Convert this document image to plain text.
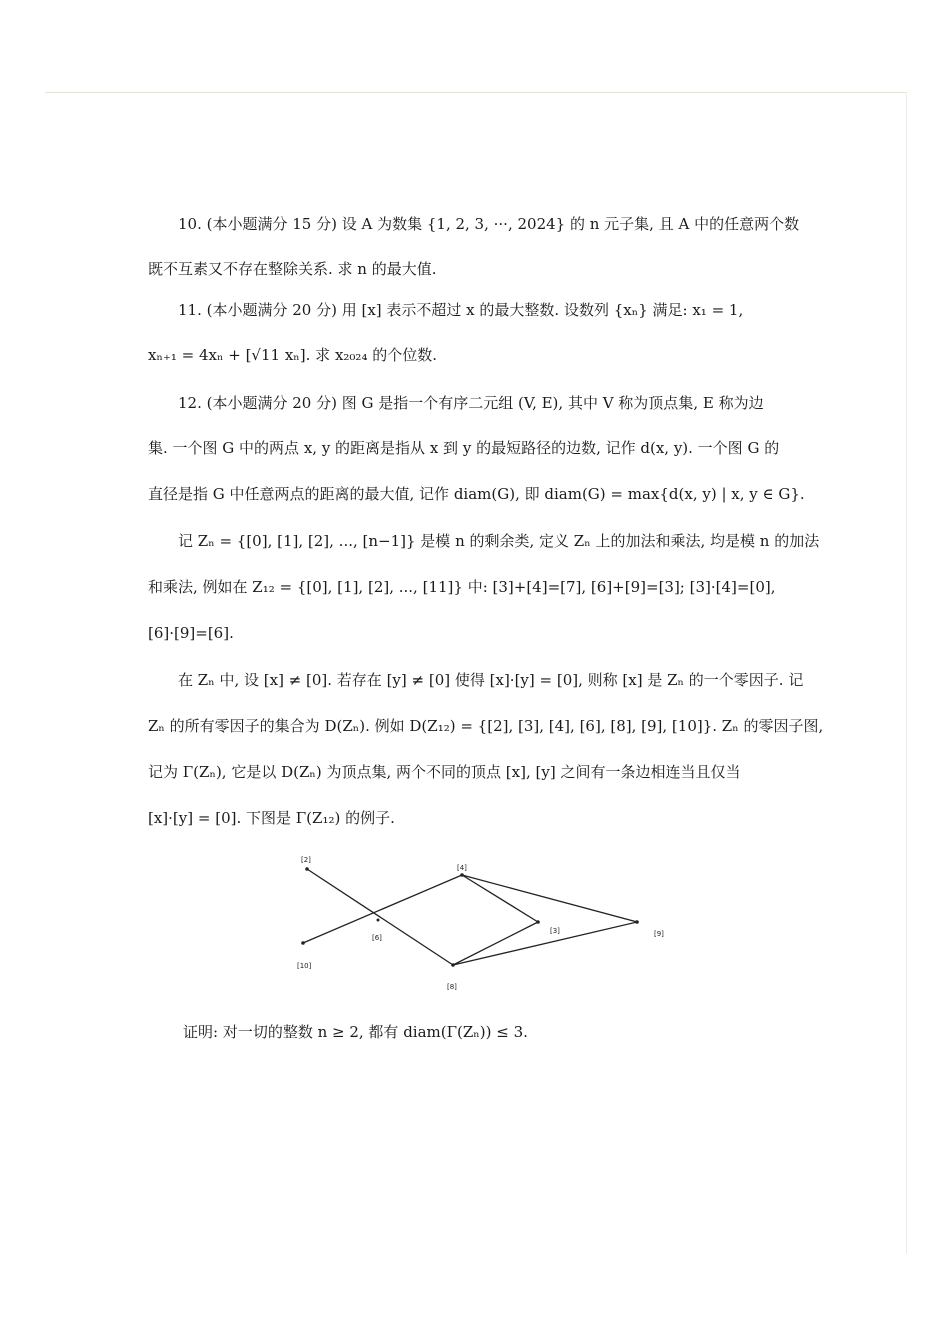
10. (本小题满分 15 分) 设 A 为数集 {1, 2, 3, ···, 2024} 的 n 元子集, 且 A 中的任意两个数
既不互素又不存在整除关系. 求 n 的最大值.
11. (本小题满分 20 分) 用 [x] 表示不超过 x 的最大整数. 设数列 {xₙ} 满足: x₁ = 1,
xₙ₊₁ = 4xₙ + [√11 xₙ]. 求 x₂₀₂₄ 的个位数.
12. (本小题满分 20 分) 图 G 是指一个有序二元组 (V, E), 其中 V 称为顶点集, E 称为边
集. 一个图 G 中的两点 x, y 的距离是指从 x 到 y 的最短路径的边数, 记作 d(x, y). 一个图 G 的
直径是指 G 中任意两点的距离的最大值, 记作 diam(G), 即 diam(G) = max{d(x, y) | x, y ∈ G}.
记 Zₙ = {[0], [1], [2], ..., [n−1]} 是模 n 的剩余类, 定义 Zₙ 上的加法和乘法, 均是模 n 的加法
和乘法, 例如在 Z₁₂ = {[0], [1], [2], ..., [11]} 中: [3]+[4]=[7], [6]+[9]=[3]; [3]·[4]=[0],
[6]·[9]=[6].
在 Zₙ 中, 设 [x] ≠ [0]. 若存在 [y] ≠ [0] 使得 [x]·[y] = [0], 则称 [x] 是 Zₙ 的一个零因子. 记
Zₙ 的所有零因子的集合为 D(Zₙ). 例如 D(Z₁₂) = {[2], [3], [4], [6], [8], [9], [10]}. Zₙ 的零因子图,
记为 Γ(Zₙ), 它是以 D(Zₙ) 为顶点集, 两个不同的顶点 [x], [y] 之间有一条边相连当且仅当
[x]·[y] = [0]. 下图是 Γ(Z₁₂) 的例子.
[2]
[4]
[6]
[3]	[9]
[10]
[8]
证明: 对一切的整数 n ≥ 2, 都有 diam(Γ(Zₙ)) ≤ 3.
